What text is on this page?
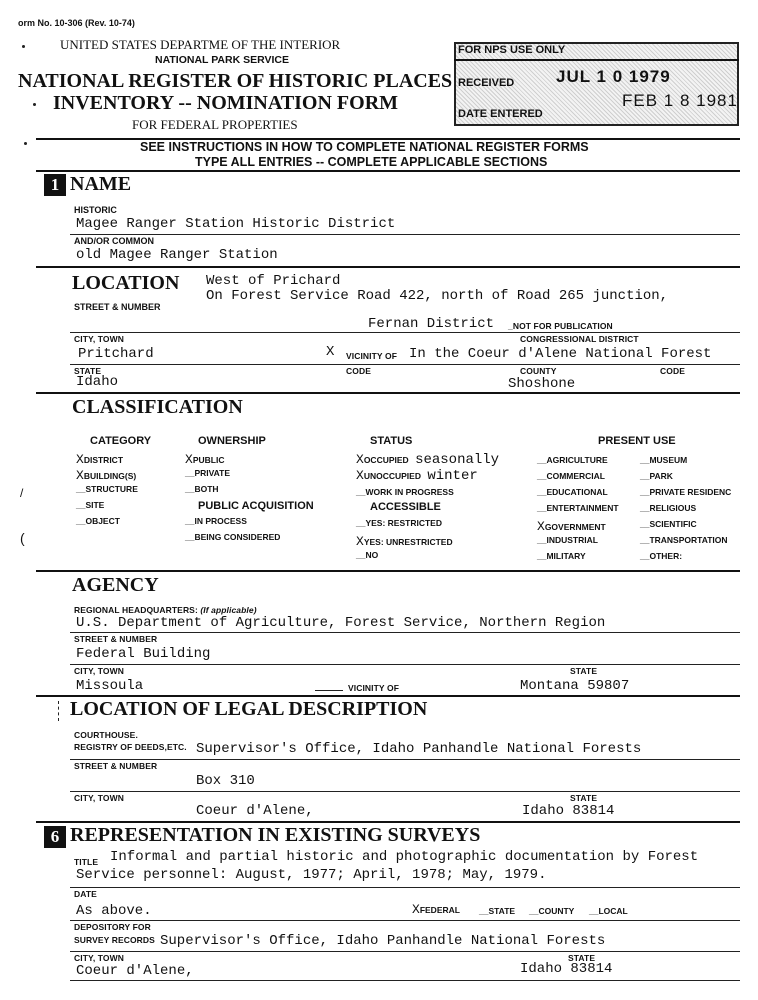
orm No. 10-306 (Rev. 10-74)
UNITED STATES DEPARTME OF THE INTERIOR
NATIONAL PARK SERVICE
NATIONAL REGISTER OF HISTORIC PLACES
INVENTORY -- NOMINATION FORM
FOR FEDERAL PROPERTIES
FOR NPS USE ONLY
RECEIVED JUL 1 0 1979
DATE ENTERED
FEB 1 8 1981
SEE INSTRUCTIONS IN HOW TO COMPLETE NATIONAL REGISTER FORMS
TYPE ALL ENTRIES -- COMPLETE APPLICABLE SECTIONS
1 NAME
HISTORIC
Magee Ranger Station Historic District
AND/OR COMMON
old Magee Ranger Station
LOCATION
STREET & NUMBER
West of Prichard
On Forest Service Road 422, north of Road 265 junction,
Fernan District _NOT FOR PUBLICATION
CITY, TOWN	CONGRESSIONAL DISTRICT
Pritchard	X VICINITY OF In the Coeur d'Alene National Forest
STATE	CODE	COUNTY	CODE
Idaho	Shoshone
CLASSIFICATION
CATEGORY
XDISTRICT
XBUILDING(S)
__STRUCTURE
__SITE
__OBJECT
OWNERSHIP
XPUBLIC
__PRIVATE
__BOTH
PUBLIC ACQUISITION
__IN PROCESS
__BEING CONSIDERED
STATUS
XOCCUPIED seasonally
XUNOCCUPIED winter
__WORK IN PROGRESS
ACCESSIBLE
__YES: RESTRICTED
XYES: UNRESTRICTED
__NO
PRESENT USE
__AGRICULTURE
__COMMERCIAL
__EDUCATIONAL
__ENTERTAINMENT
XGOVERNMENT
__INDUSTRIAL
__MILITARY
__MUSEUM
__PARK
__PRIVATE RESIDENC
__RELIGIOUS
__SCIENTIFIC
__TRANSPORTATION
__OTHER:
AGENCY
REGIONAL HEADQUARTERS: (If applicable)
U.S. Department of Agriculture, Forest Service, Northern Region
STREET & NUMBER
Federal Building
CITY, TOWN	STATE
Missoula	VICINITY OF	Montana 59807
LOCATION OF LEGAL DESCRIPTION
COURTHOUSE.
REGISTRY OF DEEDS,ETC. Supervisor's Office, Idaho Panhandle National Forests
STREET & NUMBER
Box 310
CITY, TOWN	STATE
Coeur d'Alene,	Idaho 83814
6 REPRESENTATION IN EXISTING SURVEYS
TITLE Informal and partial historic and photographic documentation by Forest
Service personnel: August, 1977; April, 1978; May, 1979.
DATE
As above.	XFEDERAL __STATE __COUNTY __LOCAL
DEPOSITORY FOR
SURVEY RECORDS Supervisor's Office, Idaho Panhandle National Forests
CITY, TOWN	STATE
Coeur d'Alene,	Idaho 83814
/
(
